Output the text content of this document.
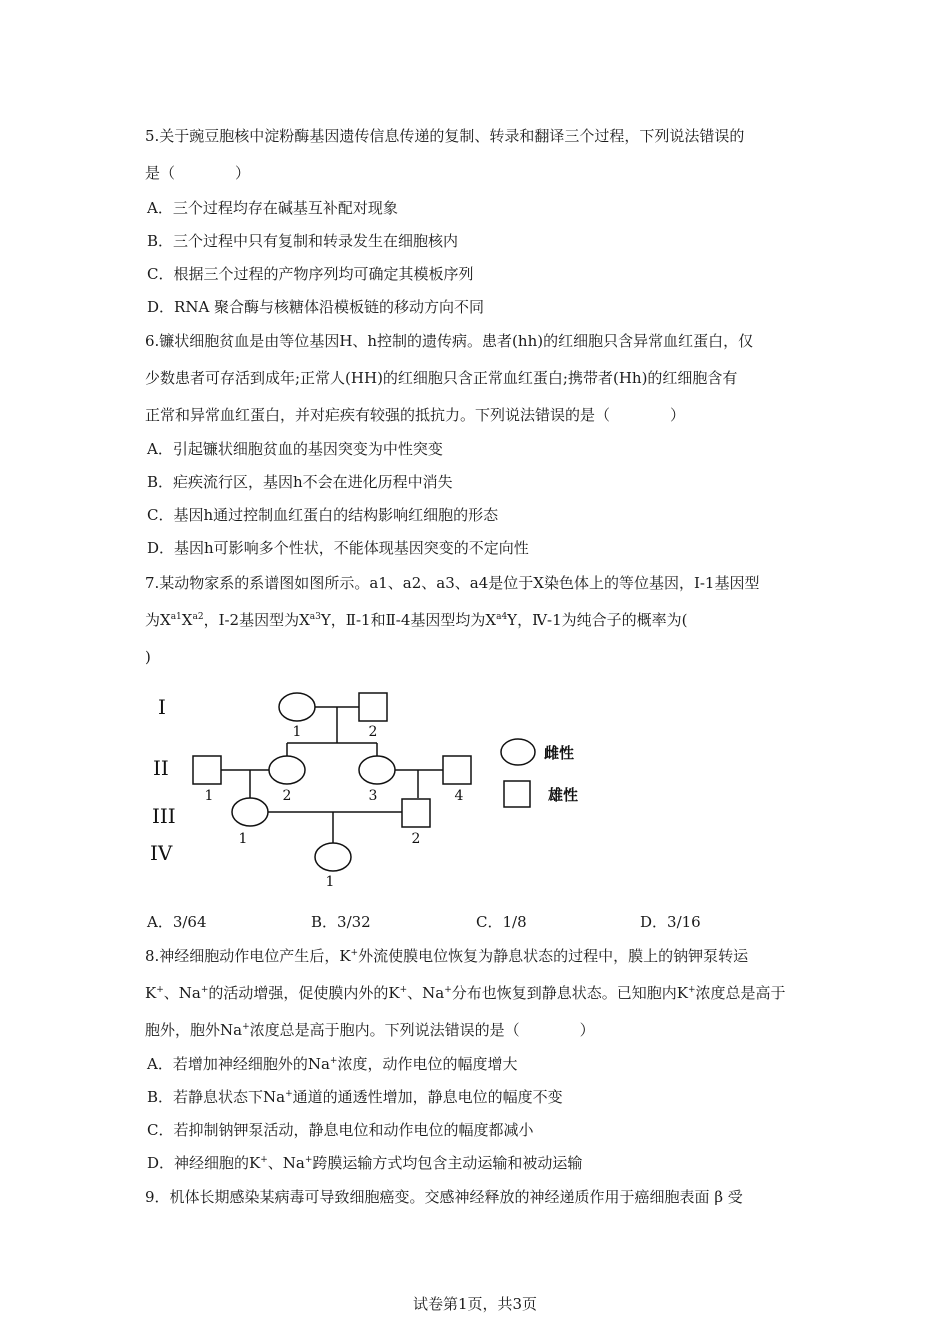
5.关于豌豆胞核中淀粉酶基因遗传信息传递的复制、转录和翻译三个过程，下列说法错误的
是（　　　　）
A．三个过程均存在碱基互补配对现象
B．三个过程中只有复制和转录发生在细胞核内
C．根据三个过程的产物序列均可确定其模板序列
D．RNA 聚合酶与核糖体沿模板链的移动方向不同
6.镰状细胞贫血是由等位基因H、h控制的遗传病。患者(hh)的红细胞只含异常血红蛋白，仅
少数患者可存活到成年;正常人(HH)的红细胞只含正常血红蛋白;携带者(Hh)的红细胞含有
正常和异常血红蛋白，并对疟疾有较强的抵抗力。下列说法错误的是（　　　　）
A．引起镰状细胞贫血的基因突变为中性突变
B．疟疾流行区，基因h不会在进化历程中消失
C．基因h通过控制血红蛋白的结构影响红细胞的形态
D．基因h可影响多个性状，不能体现基因突变的不定向性
7.某动物家系的系谱图如图所示。a1、a2、a3、a4是位于X染色体上的等位基因，Ⅰ-1基因型
为$X^{a1}X^{a2}$，Ⅰ-2基因型为$X^{a3}Y$，Ⅱ-1和Ⅱ-4基因型均为$X^{a4}Y$，Ⅳ-1为纯合子的概率为(
)
I
II
III
IV
1	2
1	2	3	4
1	2
1
雌性
雄性
A．3/64	B．3/32	C．1/8	D．3/16
8.神经细胞动作电位产生后，K+外流使膜电位恢复为静息状态的过程中，膜上的钠钾泵转运
K+、Na+的活动增强，促使膜内外的K+、Na+分布也恢复到静息状态。已知胞内K+浓度总是高于
胞外，胞外Na+浓度总是高于胞内。下列说法错误的是（　　　　）
A．若增加神经细胞外的Na+浓度，动作电位的幅度增大
B．若静息状态下Na+通道的通透性增加，静息电位的幅度不变
C．若抑制钠钾泵活动，静息电位和动作电位的幅度都减小
D．神经细胞的K+、Na+跨膜运输方式均包含主动运输和被动运输
9．机体长期感染某病毒可导致细胞癌变。交感神经释放的神经递质作用于癌细胞表面 β 受
试卷第1页，共3页
